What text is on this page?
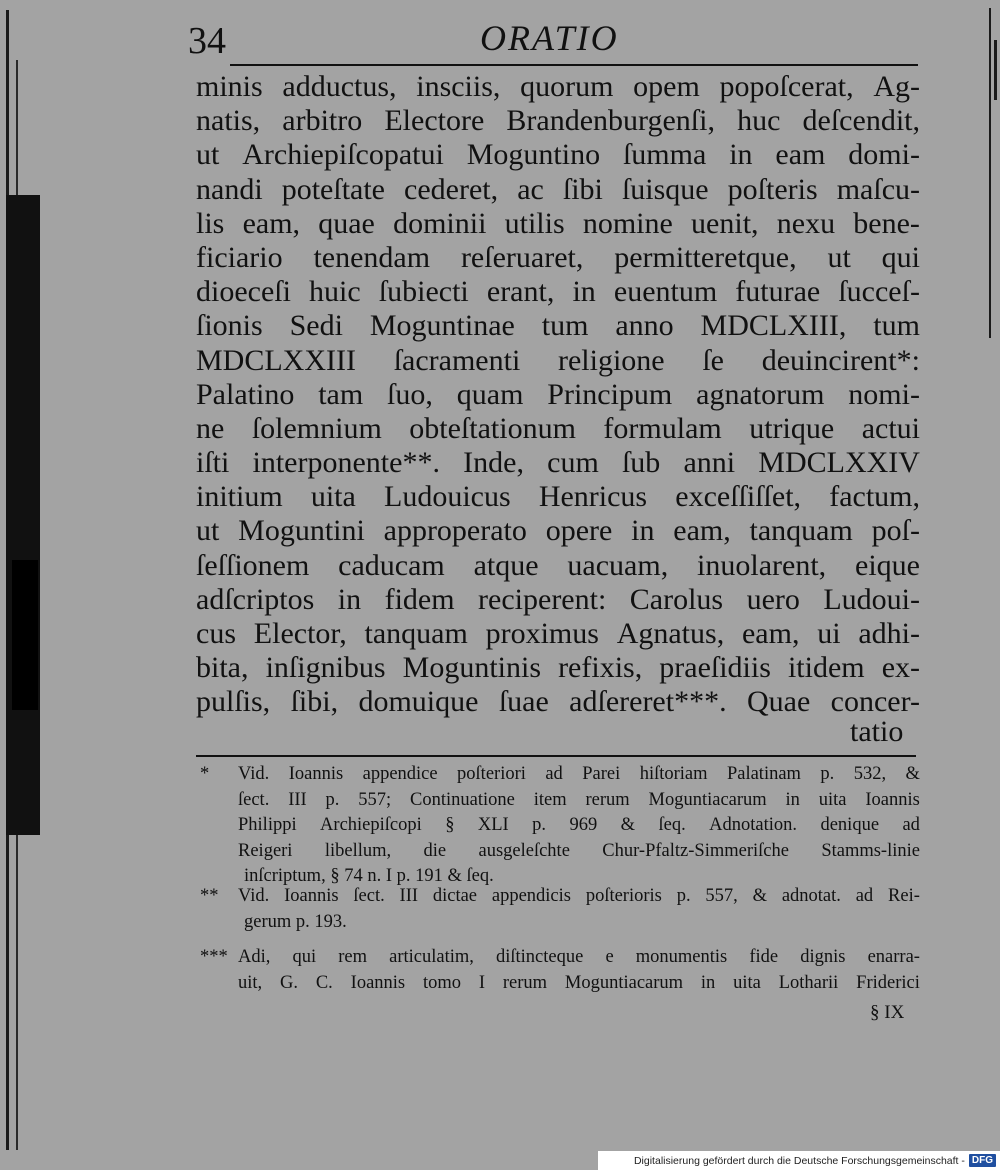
34	ORATIO
minis adductus, insciis, quorum opem popoſcerat, Ag-
natis, arbitro Electore Brandenburgenſi, huc deſcendit,
ut Archiepiſcopatui Moguntino ſumma in eam domi-
nandi poteſtate cederet, ac ſibi ſuisque poſteris maſcu-
lis eam, quae dominii utilis nomine uenit, nexu bene-
ficiario tenendam reſeruaret, permitteretque, ut qui
dioeceſi huic ſubiecti erant, in euentum futurae ſucceſ-
ſionis Sedi Moguntinae tum anno MDCLXIII, tum
MDCLXXIII ſacramenti religione ſe deuincirent*:
Palatino tam ſuo, quam Principum agnatorum nomi-
ne ſolemnium obteſtationum formulam utrique actui
iſti interponente**. Inde, cum ſub anni MDCLXXIV
initium uita Ludouicus Henricus exceſſiſſet, factum,
ut Moguntini approperato opere in eam, tanquam poſ-
ſeſſionem caducam atque uacuam, inuolarent, eique
adſcriptos in fidem reciperent: Carolus uero Ludoui-
cus Elector, tanquam proximus Agnatus, eam, ui adhi-
bita, inſignibus Moguntinis refixis, praeſidiis itidem ex-
pulſis, ſibi, domuique ſuae adſereret***. Quae concer-
tatio
*	Vid. Ioannis appendice poſteriori ad Parei hiſtoriam Palatinam p. 532, &
ſect. III p. 557; Continuatione item rerum Moguntiacarum in uita Ioannis
Philippi Archiepiſcopi § XLI p. 969 & ſeq. Adnotation. denique ad
Reigeri libellum, die ausgeleſchte Chur-Pfaltz-Simmeriſche Stamms-linie
inſcriptum, § 74 n. I p. 191 & ſeq.
**	Vid. Ioannis ſect. III dictae appendicis poſterioris p. 557, & adnotat. ad Rei-
gerum p. 193.
*** Adi, qui rem articulatim, diſtincteque e monumentis fide dignis enarra-
uit, G. C. Ioannis tomo I rerum Moguntiacarum in uita Lotharii Friderici
§ IX
Digitalisierung gefördert durch die Deutsche Forschungsgemeinschaft - DFG
